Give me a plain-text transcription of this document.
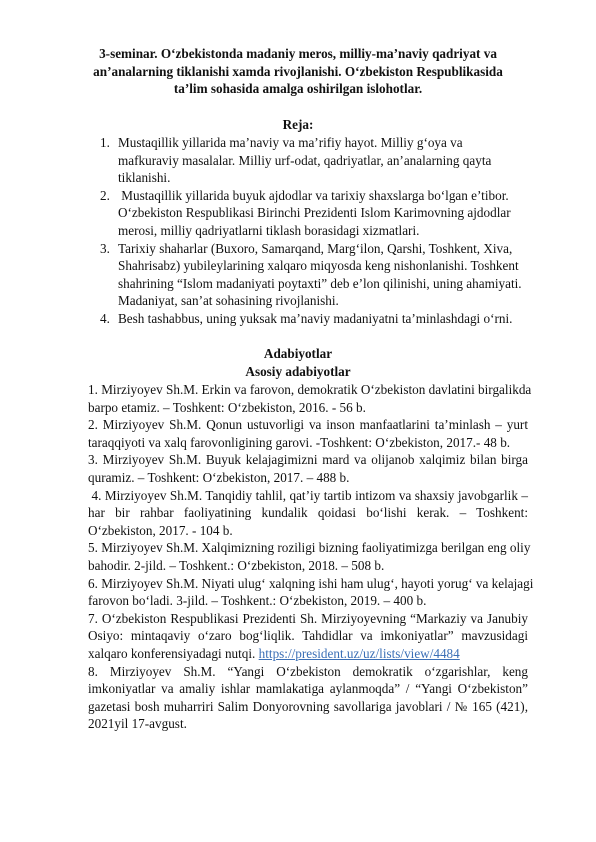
3-seminar. O‘zbekistonda madaniy meros, milliy-ma’naviy qadriyat va
an’analarning tiklanishi xamda rivojlanishi. O‘zbekiston Respublikasida
ta’lim sohasida amalga oshirilgan islohotlar.
Reja:
1. Mustaqillik yillarida ma’naviy va ma’rifiy hayot. Milliy g‘oya va
mafkuraviy masalalar. Milliy urf-odat, qadriyatlar, an’analarning qayta
tiklanishi.
2. Mustaqillik yillarida buyuk ajdodlar va tarixiy shaxslarga bo‘lgan e’tibor.
O‘zbekiston Respublikasi Birinchi Prezidenti Islom Karimovning ajdodlar
merosi, milliy qadriyatlarni tiklash borasidagi xizmatlari.
3. Tarixiy shaharlar (Buxoro, Samarqand, Marg‘ilon, Qarshi, Toshkent, Xiva,
Shahrisabz) yubileylarining xalqaro miqyosda keng nishonlanishi. Toshkent
shahrining “Islom madaniyati poytaxti” deb e’lon qilinishi, uning ahamiyati.
Madaniyat, san’at sohasining rivojlanishi.
4. Besh tashabbus, uning yuksak ma’naviy madaniyatni ta’minlashdagi o‘rni.
Adabiyotlar
Asosiy adabiyotlar
1. Mirziyoyev Sh.M. Erkin va farovon, demokratik O‘zbekiston davlatini birgalikda
barpo etamiz. – Toshkent: O‘zbekiston, 2016. - 56 b.
2. Mirziyoyev Sh.M. Qonun ustuvorligi va inson manfaatlarini ta’minlash – yurt
taraqqiyoti va xalq farovonligining garovi. -Toshkent: O‘zbekiston, 2017.- 48 b.
3. Mirziyoyev Sh.M. Buyuk kelajagimizni mard va olijanob xalqimiz bilan birga
quramiz. – Toshkent: O‘zbekiston, 2017. – 488 b.
4. Mirziyoyev Sh.M. Tanqidiy tahlil, qat’iy tartib intizom va shaxsiy javobgarlik –
har bir rahbar faoliyatining kundalik qoidasi bo‘lishi kerak. – Toshkent:
O‘zbekiston, 2017. - 104 b.
5. Mirziyoyev Sh.M. Xalqimizning roziligi bizning faoliyatimizga berilgan eng oliy
bahodir. 2-jild. – Toshkent.: O‘zbekiston, 2018. – 508 b.
6. Mirziyoyev Sh.M. Niyati ulug‘ xalqning ishi ham ulug‘, hayoti yorug‘ va kelajagi
farovon bo‘ladi. 3-jild. – Toshkent.: O‘zbekiston, 2019. – 400 b.
7. O‘zbekiston Respublikasi Prezidenti Sh. Mirziyoyevning “Markaziy va Janubiy
Osiyo: mintaqaviy o‘zaro bog‘liqlik. Tahdidlar va imkoniyatlar” mavzusidagi
xalqaro konferensiyadagi nutqi. https://president.uz/uz/lists/view/4484
8. Mirziyoyev Sh.M. “Yangi O‘zbekiston demokratik o‘zgarishlar, keng
imkoniyatlar va amaliy ishlar mamlakatiga aylanmoqda” / “Yangi O‘zbekiston”
gazetasi bosh muharriri Salim Donyorovning savollariga javoblari / № 165 (421),
2021yil 17-avgust.
